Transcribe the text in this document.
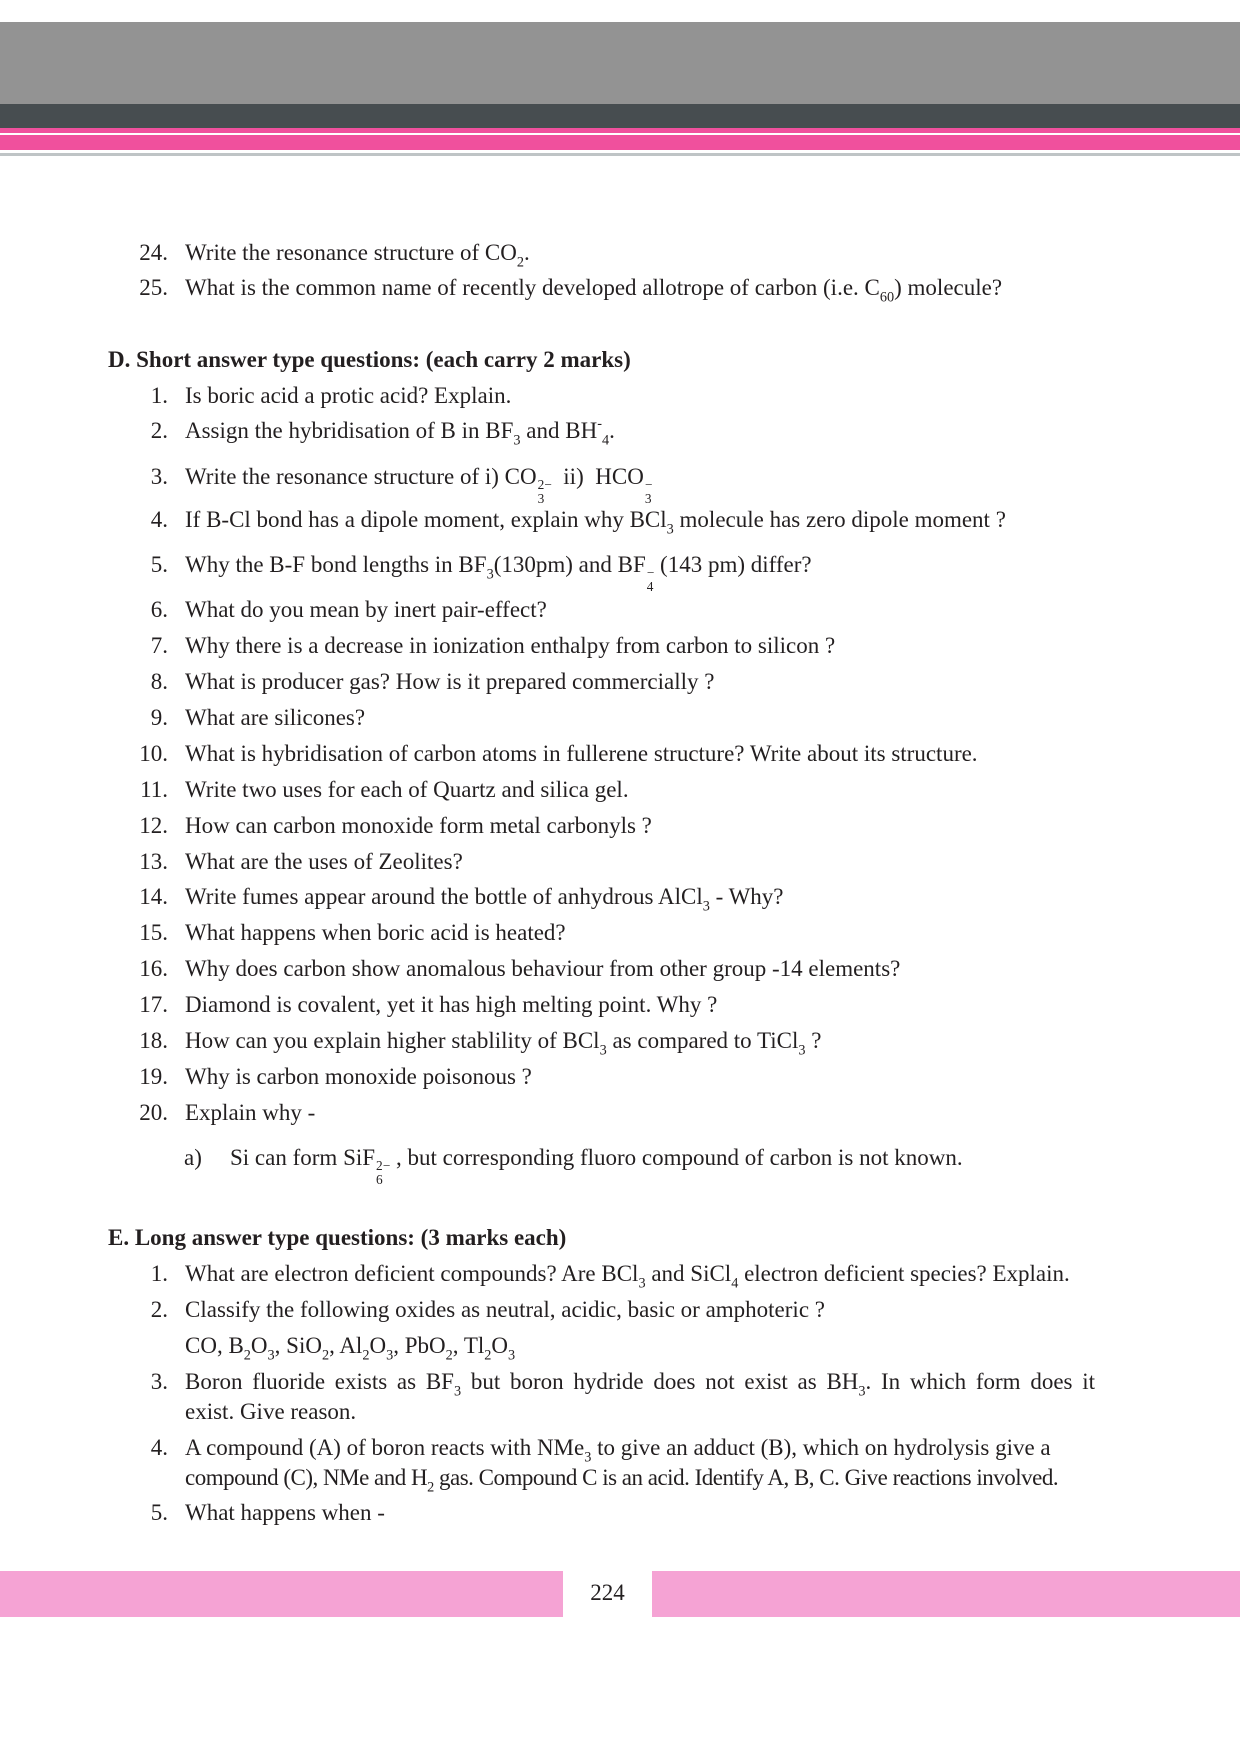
24. Write the resonance structure of $CO_2$.
25. What is the common name of recently developed allotrope of carbon (i.e. $C_{60}$) molecule?
D. Short answer type questions: (each carry 2 marks)
1. Is boric acid a protic acid? Explain.
2. Assign the hybridisation of B in $BF_3$ and $BH^-_4$.
3. Write the resonance structure of i) CO 2−
3
ii)  HCO −
3
4. If B-Cl bond has a dipole moment, explain why BCl$_3$ molecule has zero dipole moment ?
5. Why the B-F bond lengths in $BF_3(130pm)$ and BF −
4
(143 pm) differ?
6. What do you mean by inert pair-effect?
7. Why there is a decrease in ionization enthalpy from carbon to silicon ?
8. What is producer gas? How is it prepared commercially ?
9. What are silicones?
10. What is hybridisation of carbon atoms in fullerene structure? Write about its structure.
11. Write two uses for each of Quartz and silica gel.
12. How can carbon monoxide form metal carbonyls ?
13. What are the uses of Zeolites?
14. Write fumes appear around the bottle of anhydrous AlCl$_3$ - Why?
15. What happens when boric acid is heated?
16. Why does carbon show anomalous behaviour from other group -14 elements?
17. Diamond is covalent, yet it has high melting point. Why ?
18. How can you explain higher stablility of BCl$_3$ as compared to TiCl$_3$ ?
19. Why is carbon monoxide poisonous ?
20. Explain why -
a) Si can form SiF 2−
6
, but corresponding fluoro compound of carbon is not known.
E. Long answer type questions: (3 marks each)
1. What are electron deficient compounds? Are BCl$_3$ and SiCl$_4$ electron deficient species? Explain.
2. Classify the following oxides as neutral, acidic, basic or amphoteric ?
CO, $B_2O_3$, SiO$_2$, $Al_2O_3$, PbO$_2$, $Tl_2O_3$
3. Boron fluoride exists as $BF_3$ but boron hydride does not exist as $BH_3$. In which form does it
exist. Give reason.
4. A compound (A) of boron reacts with NMe$_3$ to give an adduct (B), which on hydrolysis give a
compound (C), NMe and $H_2$ gas. Compound C is an acid. Identify A, B, C. Give reactions involved.
5. What happens when -
224
